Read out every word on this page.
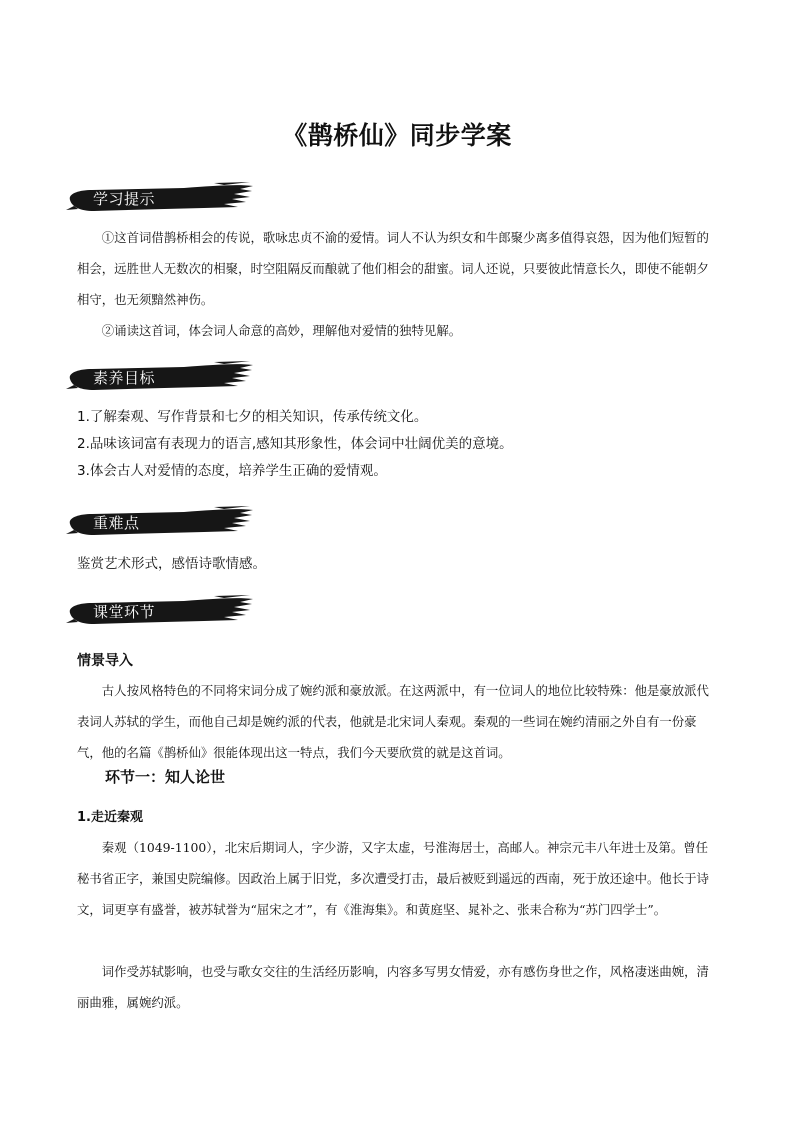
《鹊桥仙》同步学案
学习提示

①这首词借鹊桥相会的传说，歌咏忠贞不渝的爱情。词人不认为织女和牛郎聚少离多值得哀怨，因为他们短暂的相会，远胜世人无数次的相聚，时空阻隔反而酿就了他们相会的甜蜜。词人还说，只要彼此情意长久，即使不能朝夕相守，也无须黯然神伤。

②诵读这首词，体会词人命意的高妙，理解他对爱情的独特见解。

素养目标

1.了解秦观、写作背景和七夕的相关知识，传承传统文化。

2.品味该词富有表现力的语言,感知其形象性，体会词中壮阔优美的意境。

3.体会古人对爱情的态度，培养学生正确的爱情观。

重难点

鉴赏艺术形式，感悟诗歌情感。

课堂环节
情景导入

古人按风格特色的不同将宋词分成了婉约派和豪放派。在这两派中，有一位词人的地位比较特殊：他是豪放派代表词人苏轼的学生，而他自己却是婉约派的代表，他就是北宋词人秦观。秦观的一些词在婉约清丽之外自有一份豪气，他的名篇《鹊桥仙》很能体现出这一特点，我们今天要欣赏的就是这首词。

环节一：知人论世
1.走近秦观

秦观（1049-1100），北宋后期词人，字少游，又字太虚，号淮海居士，高邮人。神宗元丰八年进士及第。曾任秘书省正字，兼国史院编修。因政治上属于旧党，多次遭受打击，最后被贬到遥远的西南，死于放还途中。他长于诗文，词更享有盛誉，被苏轼誉为“屈宋之才”，有《淮海集》。和黄庭坚、晁补之、张耒合称为“苏门四学士”。

词作受苏轼影响，也受与歌女交往的生活经历影响，内容多写男女情爱，亦有感伤身世之作，风格凄迷曲婉，清丽曲雅，属婉约派。
